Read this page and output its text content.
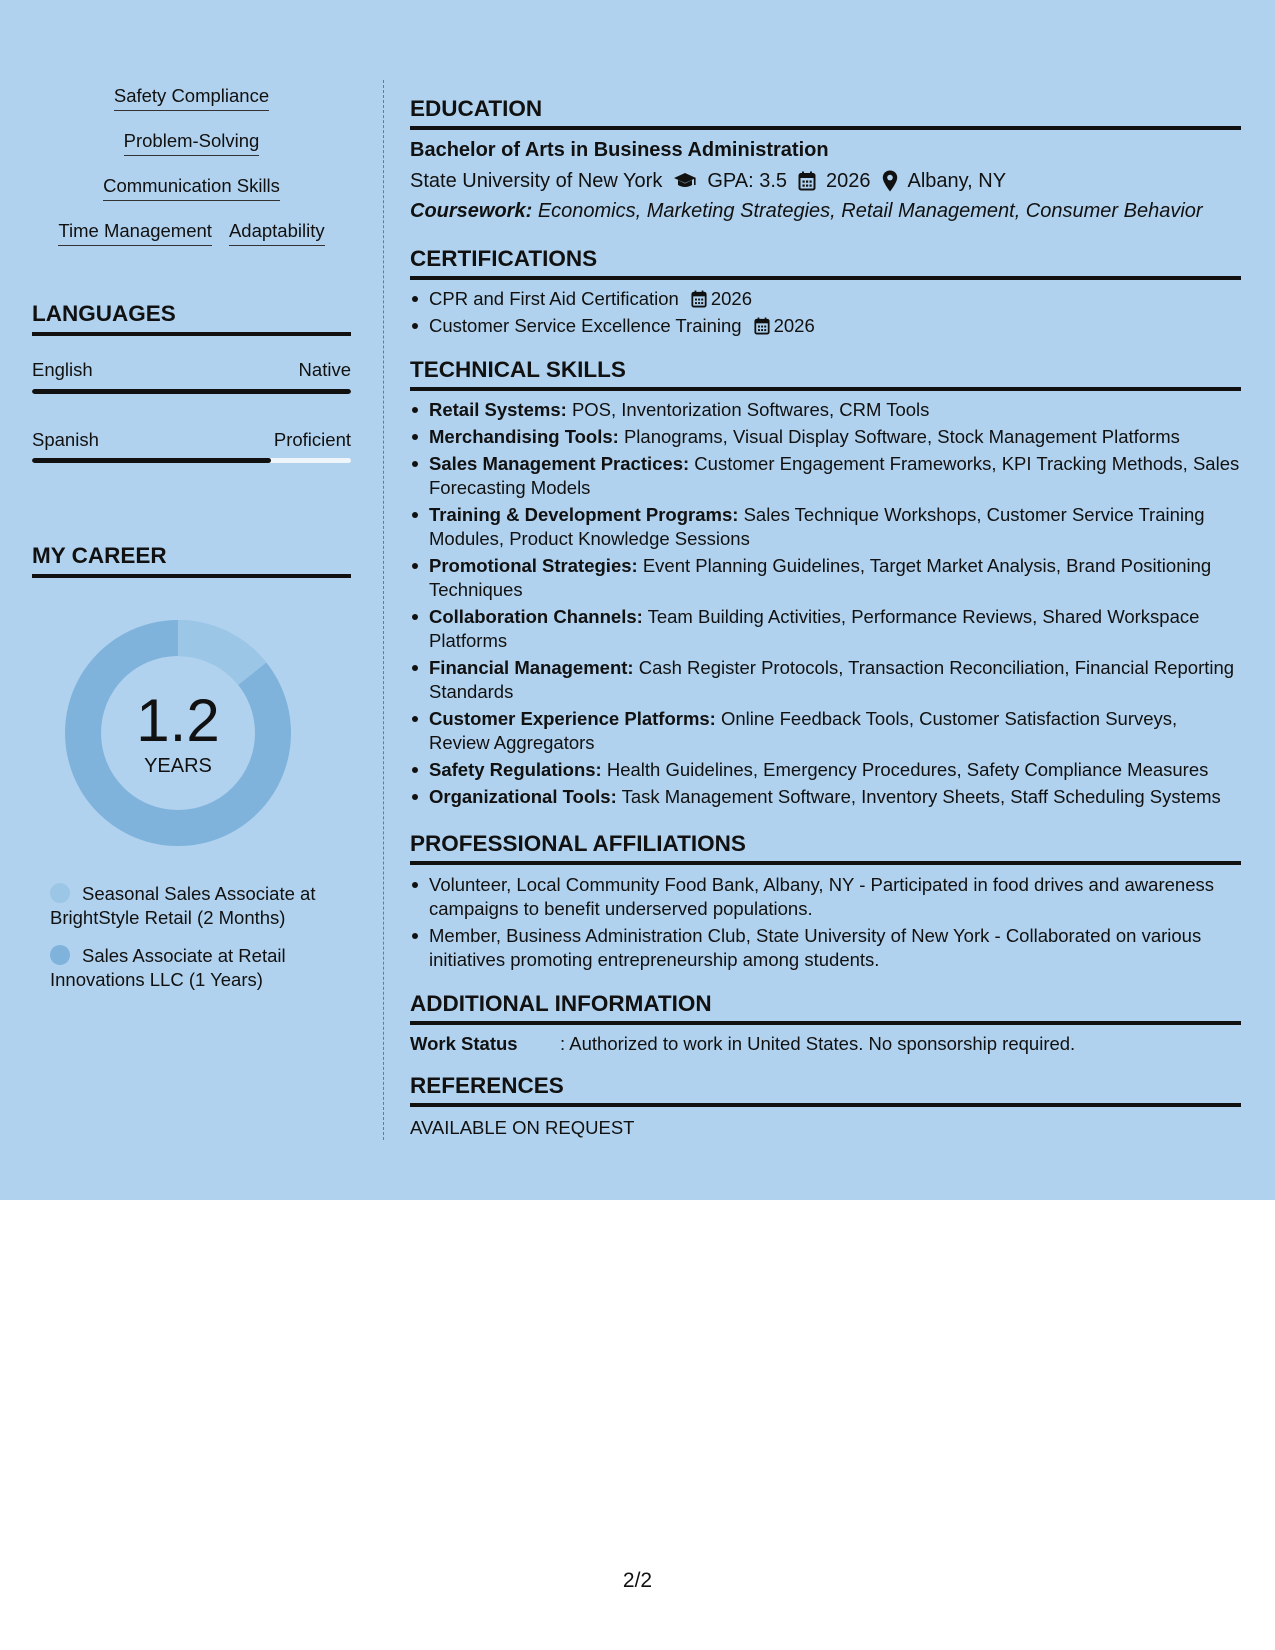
Safety Compliance
Problem-Solving
Communication Skills
Time Management Adaptability
LANGUAGES
English	Native
Spanish	Proficient
MY CAREER
1.2
YEARS
Seasonal Sales Associate at BrightStyle Retail (2 Months)
Sales Associate at Retail Innovations LLC (1 Years)
EDUCATION
Bachelor of Arts in Business Administration
State University of New York GPA: 3.5 2026 Albany, NY
Coursework: Economics, Marketing Strategies, Retail Management, Consumer Behavior
CERTIFICATIONS
CPR and First Aid Certification 2026
Customer Service Excellence Training 2026
TECHNICAL SKILLS
Retail Systems: POS, Inventorization Softwares, CRM Tools
Merchandising Tools: Planograms, Visual Display Software, Stock Management Platforms
Sales Management Practices: Customer Engagement Frameworks, KPI Tracking Methods, Sales Forecasting Models
Training & Development Programs: Sales Technique Workshops, Customer Service Training Modules, Product Knowledge Sessions
Promotional Strategies: Event Planning Guidelines, Target Market Analysis, Brand Positioning Techniques
Collaboration Channels: Team Building Activities, Performance Reviews, Shared Workspace Platforms
Financial Management: Cash Register Protocols, Transaction Reconciliation, Financial Reporting Standards
Customer Experience Platforms: Online Feedback Tools, Customer Satisfaction Surveys, Review Aggregators
Safety Regulations: Health Guidelines, Emergency Procedures, Safety Compliance Measures
Organizational Tools: Task Management Software, Inventory Sheets, Staff Scheduling Systems
PROFESSIONAL AFFILIATIONS
Volunteer, Local Community Food Bank, Albany, NY - Participated in food drives and awareness campaigns to benefit underserved populations.
Member, Business Administration Club, State University of New York - Collaborated on various initiatives promoting entrepreneurship among students.
ADDITIONAL INFORMATION
Work Status : Authorized to work in United States. No sponsorship required.
REFERENCES
AVAILABLE ON REQUEST
2/2
